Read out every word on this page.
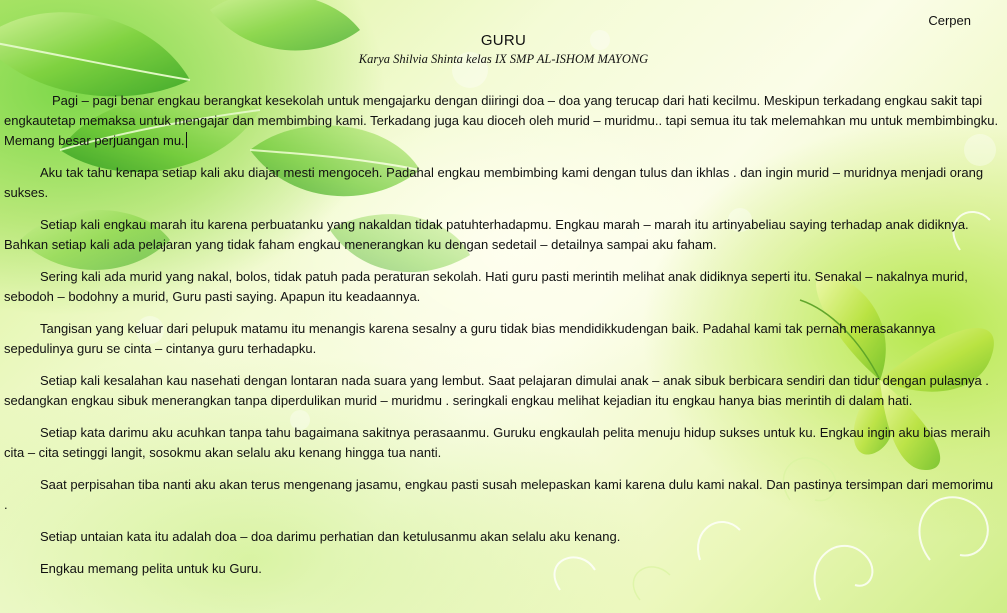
Cerpen
GURU
Karya Shilvia Shinta kelas IX SMP AL-ISHOM MAYONG

Pagi – pagi benar engkau berangkat kesekolah untuk mengajarku dengan diiringi doa – doa yang terucap dari hati kecilmu. Meskipun terkadang engkau sakit tapi engkautetap memaksa untuk mengajar dan membimbing kami. Terkadang juga kau dioceh oleh murid – muridmu.. tapi semua itu tak melemahkan mu untuk membimbingku. Memang besar perjuangan mu.

Aku tak tahu kenapa setiap kali aku diajar mesti mengoceh. Padahal engkau membimbing kami dengan tulus dan ikhlas . dan ingin murid – muridnya menjadi orang sukses.

Setiap kali engkau marah itu karena perbuatanku yang nakaldan tidak patuhterhadapmu. Engkau marah – marah itu artinyabeliau saying terhadap anak didiknya. Bahkan setiap kali ada pelajaran yang tidak faham engkau menerangkan ku dengan sedetail – detailnya sampai aku faham.

Sering kali ada murid yang nakal, bolos, tidak patuh pada peraturan sekolah. Hati guru pasti merintih melihat anak didiknya seperti itu. Senakal – nakalnya murid, sebodoh – bodohny a murid, Guru pasti saying. Apapun itu keadaannya.

Tangisan yang keluar dari pelupuk matamu itu menangis karena sesalny a guru tidak bias mendidikkudengan baik. Padahal kami tak pernah merasakannya sepedulinya guru se cinta – cintanya guru terhadapku.

Setiap kali kesalahan kau nasehati dengan lontaran nada suara yang lembut. Saat pelajaran dimulai anak – anak sibuk berbicara sendiri dan tidur dengan pulasnya . sedangkan engkau sibuk menerangkan tanpa diperdulikan murid – muridmu . seringkali engkau melihat kejadian itu engkau hanya bias merintih di dalam hati.

Setiap kata darimu aku acuhkan tanpa tahu bagaimana sakitnya perasaanmu. Guruku engkaulah pelita menuju hidup sukses untuk ku. Engkau ingin aku bias meraih cita – cita setinggi langit, sosokmu akan selalu aku kenang hingga tua nanti.

Saat perpisahan tiba nanti aku akan terus mengenang jasamu, engkau pasti susah melepaskan kami karena dulu kami nakal. Dan pastinya tersimpan dari memorimu .

Setiap untaian kata itu adalah doa – doa darimu perhatian dan ketulusanmu akan selalu aku kenang.

Engkau memang pelita untuk ku Guru.
